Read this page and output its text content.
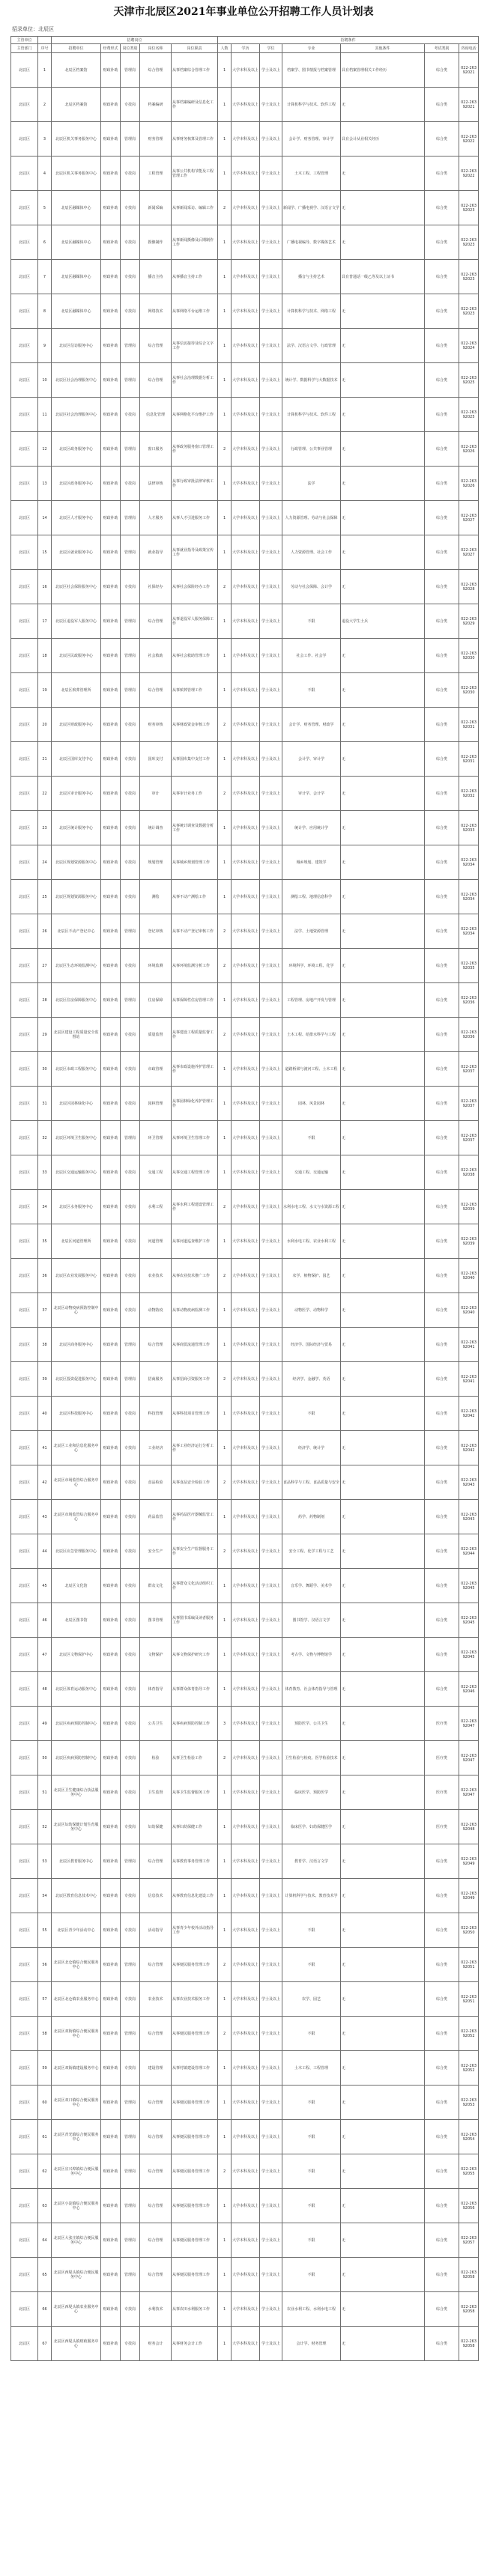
天津市北辰区2021年事业单位公开招聘工作人员计划表
招录单位：北辰区
主管单位		招聘岗位					招聘条件						
主管部门	序号	招聘单位	经费形式	岗位类别	岗位名称	岗位职责	人数	学历	学位	专业	其他条件	考试类别	咨询电话
北辰区	1	北辰区档案馆	财政补助	管理岗	综合管理	从事档案综合管理工作	1	大学本科及以上	学士及以上	档案学、图书情报与档案管理	具有档案管理相关工作经历	综合类	022-26392021
北辰区	2	北辰区档案馆	财政补助	专技岗	档案编研	从事档案编研及信息化工作	1	大学本科及以上	学士及以上	计算机科学与技术、软件工程	无	综合类	022-26392021
北辰区	3	北辰区机关事务服务中心	财政补助	管理岗	财务管理	从事财务核算及管理工作	1	大学本科及以上	学士及以上	会计学、财务管理、审计学	具有会计从业相关经历	综合类	022-26392022
北辰区	4	北辰区机关事务服务中心	财政补助	专技岗	工程管理	从事公共机构节能及工程管理工作	1	大学本科及以上	学士及以上	土木工程、工程管理	无	综合类	022-26392022
北辰区	5	北辰区融媒体中心	财政补助	专技岗	新闻采编	从事新闻采访、编辑工作	2	大学本科及以上	学士及以上	新闻学、广播电视学、汉语言文学	无	综合类	022-26392023
北辰区	6	北辰区融媒体中心	财政补助	专技岗	摄像制作	从事新闻摄像及后期制作工作	1	大学本科及以上	学士及以上	广播电视编导、数字媒体艺术	无	综合类	022-26392023
北辰区	7	北辰区融媒体中心	财政补助	专技岗	播音主持	从事播音主持工作	1	大学本科及以上	学士及以上	播音与主持艺术	具有普通话一级乙等及以上证书	综合类	022-26392023
北辰区	8	北辰区融媒体中心	财政补助	专技岗	网络技术	从事网络平台运维工作	1	大学本科及以上	学士及以上	计算机科学与技术、网络工程	无	综合类	022-26392023
北辰区	9	北辰区信访服务中心	财政补助	管理岗	综合管理	从事信访接待及综合文字工作	1	大学本科及以上	学士及以上	法学、汉语言文学、行政管理	无	综合类	022-26392024
北辰区	10	北辰区社会治理服务中心	财政补助	管理岗	综合管理	从事社会治理数据分析工作	1	大学本科及以上	学士及以上	统计学、数据科学与大数据技术	无	综合类	022-26392025
北辰区	11	北辰区社会治理服务中心	财政补助	专技岗	信息化管理	从事网格化平台维护工作	1	大学本科及以上	学士及以上	计算机科学与技术、软件工程	无	综合类	022-26392025
北辰区	12	北辰区政务服务中心	财政补助	管理岗	窗口服务	从事政务服务窗口管理工作	2	大学本科及以上	学士及以上	行政管理、公共事业管理	无	综合类	022-26392026
北辰区	13	北辰区政务服务中心	财政补助	专技岗	法律审核	从事行政审批法律审核工作	1	大学本科及以上	学士及以上	法学	无	综合类	022-26392026
北辰区	14	北辰区人才服务中心	财政补助	管理岗	人才服务	从事人才引进服务工作	1	大学本科及以上	学士及以上	人力资源管理、劳动与社会保障	无	综合类	022-26392027
北辰区	15	北辰区就业服务中心	财政补助	管理岗	就业指导	从事就业指导及政策宣传工作	1	大学本科及以上	学士及以上	人力资源管理、社会工作	无	综合类	022-26392027
北辰区	16	北辰区社会保险服务中心	财政补助	专技岗	社保经办	从事社会保险经办工作	2	大学本科及以上	学士及以上	劳动与社会保障、会计学	无	综合类	022-26392028
北辰区	17	北辰区退役军人服务中心	财政补助	管理岗	综合管理	从事退役军人服务保障工作	1	大学本科及以上	学士及以上	不限	退役大学生士兵	综合类	022-26392029
北辰区	18	北辰区民政服务中心	财政补助	管理岗	社会救助	从事社会救助管理工作	1	大学本科及以上	学士及以上	社会工作、社会学	无	综合类	022-26392030
北辰区	19	北辰区殡葬管理所	财政补助	管理岗	综合管理	从事殡葬管理工作	1	大学本科及以上	学士及以上	不限	无	综合类	022-26392030
北辰区	20	北辰区财政服务中心	财政补助	专技岗	财务审核	从事财政资金审核工作	2	大学本科及以上	学士及以上	会计学、财务管理、财政学	无	综合类	022-26392031
北辰区	21	北辰区国库支付中心	财政补助	专技岗	国库支付	从事国库集中支付工作	1	大学本科及以上	学士及以上	会计学、审计学	无	综合类	022-26392031
北辰区	22	北辰区审计服务中心	财政补助	专技岗	审计	从事审计业务工作	2	大学本科及以上	学士及以上	审计学、会计学	无	综合类	022-26392032
北辰区	23	北辰区统计服务中心	财政补助	专技岗	统计调查	从事统计调查及数据分析工作	1	大学本科及以上	学士及以上	统计学、应用统计学	无	综合类	022-26392033
北辰区	24	北辰区规划资源服务中心	财政补助	专技岗	规划管理	从事城乡规划管理工作	1	大学本科及以上	学士及以上	城乡规划、建筑学	无	综合类	022-26392034
北辰区	25	北辰区规划资源服务中心	财政补助	专技岗	测绘	从事不动产测绘工作	1	大学本科及以上	学士及以上	测绘工程、地理信息科学	无	综合类	022-26392034
北辰区	26	北辰区不动产登记中心	财政补助	管理岗	登记审核	从事不动产登记审核工作	2	大学本科及以上	学士及以上	法学、土地资源管理	无	综合类	022-26392034
北辰区	27	北辰区生态环境监测中心	财政补助	专技岗	环境监测	从事环境监测分析工作	2	大学本科及以上	学士及以上	环境科学、环境工程、化学	无	综合类	022-26392035
北辰区	28	北辰区住房保障服务中心	财政补助	管理岗	住房保障	从事保障性住房管理工作	1	大学本科及以上	学士及以上	工程管理、房地产开发与管理	无	综合类	022-26392036
北辰区	29	北辰区建设工程质量安全监督站	财政补助	专技岗	质量监督	从事建设工程质量监督工作	2	大学本科及以上	学士及以上	土木工程、给排水科学与工程	无	综合类	022-26392036
北辰区	30	北辰区市政工程服务中心	财政补助	专技岗	市政管理	从事市政设施养护管理工作	1	大学本科及以上	学士及以上	道路桥梁与渡河工程、土木工程	无	综合类	022-26392037
北辰区	31	北辰区园林绿化中心	财政补助	专技岗	园林管理	从事园林绿化养护管理工作	1	大学本科及以上	学士及以上	园林、风景园林	无	综合类	022-26392037
北辰区	32	北辰区环境卫生服务中心	财政补助	管理岗	环卫管理	从事环境卫生管理工作	1	大学本科及以上	学士及以上	不限	无	综合类	022-26392037
北辰区	33	北辰区交通运输服务中心	财政补助	专技岗	交通工程	从事交通工程管理工作	1	大学本科及以上	学士及以上	交通工程、交通运输	无	综合类	022-26392038
北辰区	34	北辰区水务服务中心	财政补助	专技岗	水利工程	从事水利工程建设管理工作	2	大学本科及以上	学士及以上	水利水电工程、水文与水资源工程	无	综合类	022-26392039
北辰区	35	北辰区河道管理所	财政补助	专技岗	河道管理	从事河道巡查维护工作	1	大学本科及以上	学士及以上	水利水电工程、农业水利工程	无	综合类	022-26392039
北辰区	36	北辰区农业发展服务中心	财政补助	专技岗	农业技术	从事农业技术推广工作	2	大学本科及以上	学士及以上	农学、植物保护、园艺	无	综合类	022-26392040
北辰区	37	北辰区动物疫病预防控制中心	财政补助	专技岗	动物防疫	从事动物疫病监测工作	1	大学本科及以上	学士及以上	动物医学、动物科学	无	综合类	022-26392040
北辰区	38	北辰区商务服务中心	财政补助	管理岗	综合管理	从事商贸流通管理工作	1	大学本科及以上	学士及以上	经济学、国际经济与贸易	无	综合类	022-26392041
北辰区	39	北辰区投资促进服务中心	财政补助	管理岗	招商服务	从事招商引资服务工作	2	大学本科及以上	学士及以上	经济学、金融学、英语	无	综合类	022-26392041
北辰区	40	北辰区科技服务中心	财政补助	专技岗	科技管理	从事科技项目管理工作	1	大学本科及以上	学士及以上	不限	无	综合类	022-26392042
北辰区	41	北辰区工业和信息化服务中心	财政补助	专技岗	工业经济	从事工业经济运行分析工作	1	大学本科及以上	学士及以上	经济学、统计学	无	综合类	022-26392042
北辰区	42	北辰区市场监管综合服务中心	财政补助	专技岗	食品检验	从事食品安全检验工作	2	大学本科及以上	学士及以上	食品科学与工程、食品质量与安全	无	综合类	022-26392043
北辰区	43	北辰区市场监管综合服务中心	财政补助	专技岗	药品监管	从事药品医疗器械监管工作	1	大学本科及以上	学士及以上	药学、药物制剂	无	综合类	022-26392043
北辰区	44	北辰区应急管理服务中心	财政补助	专技岗	安全生产	从事安全生产监督服务工作	2	大学本科及以上	学士及以上	安全工程、化学工程与工艺	无	综合类	022-26392044
北辰区	45	北辰区文化馆	财政补助	专技岗	群众文化	从事群众文化活动组织工作	1	大学本科及以上	学士及以上	音乐学、舞蹈学、美术学	无	综合类	022-26392045
北辰区	46	北辰区图书馆	财政补助	专技岗	图书管理	从事图书采编及读者服务工作	1	大学本科及以上	学士及以上	图书馆学、汉语言文学	无	综合类	022-26392045
北辰区	47	北辰区文物保护中心	财政补助	专技岗	文物保护	从事文物保护研究工作	1	大学本科及以上	学士及以上	考古学、文物与博物馆学	无	综合类	022-26392045
北辰区	48	北辰区体育运动服务中心	财政补助	专技岗	体育指导	从事群众体育指导工作	1	大学本科及以上	学士及以上	体育教育、社会体育指导与管理	无	综合类	022-26392046
北辰区	49	北辰区疾病预防控制中心	财政补助	专技岗	公共卫生	从事疾病预防控制工作	3	大学本科及以上	学士及以上	预防医学、公共卫生	无	医疗类	022-26392047
北辰区	50	北辰区疾病预防控制中心	财政补助	专技岗	检验	从事卫生检验工作	2	大学本科及以上	学士及以上	卫生检验与检疫、医学检验技术	无	医疗类	022-26392047
北辰区	51	北辰区卫生健康综合执法服务中心	财政补助	专技岗	卫生监督	从事卫生监督服务工作	1	大学本科及以上	学士及以上	临床医学、预防医学	无	医疗类	022-26392047
北辰区	52	北辰区妇幼保健计划生育服务中心	财政补助	专技岗	妇幼保健	从事妇幼保健工作	1	大学本科及以上	学士及以上	临床医学、妇幼保健医学	无	医疗类	022-26392048
北辰区	53	北辰区教育服务中心	财政补助	管理岗	综合管理	从事教育事务管理工作	1	大学本科及以上	学士及以上	教育学、汉语言文学	无	综合类	022-26392049
北辰区	54	北辰区教育信息技术中心	财政补助	专技岗	信息技术	从事教育信息化建设工作	1	大学本科及以上	学士及以上	计算机科学与技术、教育技术学	无	综合类	022-26392049
北辰区	55	北辰区青少年活动中心	财政补助	专技岗	活动指导	从事青少年校外活动指导工作	1	大学本科及以上	学士及以上	不限	无	综合类	022-26392050
北辰区	56	北辰区北仓镇综合便民服务中心	财政补助	管理岗	综合管理	从事便民服务管理工作	2	大学本科及以上	学士及以上	不限	无	综合类	022-26392051
北辰区	57	北辰区北仓镇农业服务中心	财政补助	专技岗	农业技术	从事农业技术服务工作	1	大学本科及以上	学士及以上	农学、园艺	无	综合类	022-26392051
北辰区	58	北辰区双街镇综合便民服务中心	财政补助	管理岗	综合管理	从事便民服务管理工作	2	大学本科及以上	学士及以上	不限	无	综合类	022-26392052
北辰区	59	北辰区双街镇建设服务中心	财政补助	专技岗	建设管理	从事村镇建设管理工作	1	大学本科及以上	学士及以上	土木工程、工程管理	无	综合类	022-26392052
北辰区	60	北辰区双口镇综合便民服务中心	财政补助	管理岗	综合管理	从事便民服务管理工作	1	大学本科及以上	学士及以上	不限	无	综合类	022-26392053
北辰区	61	北辰区青光镇综合便民服务中心	财政补助	管理岗	综合管理	从事便民服务管理工作	1	大学本科及以上	学士及以上	不限	无	综合类	022-26392054
北辰区	62	北辰区宜兴埠镇综合便民服务中心	财政补助	管理岗	综合管理	从事便民服务管理工作	2	大学本科及以上	学士及以上	不限	无	综合类	022-26392055
北辰区	63	北辰区小淀镇综合便民服务中心	财政补助	管理岗	综合管理	从事便民服务管理工作	1	大学本科及以上	学士及以上	不限	无	综合类	022-26392056
北辰区	64	北辰区大张庄镇综合便民服务中心	财政补助	管理岗	综合管理	从事便民服务管理工作	1	大学本科及以上	学士及以上	不限	无	综合类	022-26392057
北辰区	65	北辰区西堤头镇综合便民服务中心	财政补助	管理岗	综合管理	从事便民服务管理工作	1	大学本科及以上	学士及以上	不限	无	综合类	022-26392058
北辰区	66	北辰区西堤头镇农业服务中心	财政补助	专技岗	水利技术	从事农田水利服务工作	1	大学本科及以上	学士及以上	农业水利工程、水利水电工程	无	综合类	022-26392058
北辰区	67	北辰区西堤头镇财政服务中心	财政补助	专技岗	财务会计	从事财务会计工作	1	大学本科及以上	学士及以上	会计学、财务管理	无	综合类	022-26392058
